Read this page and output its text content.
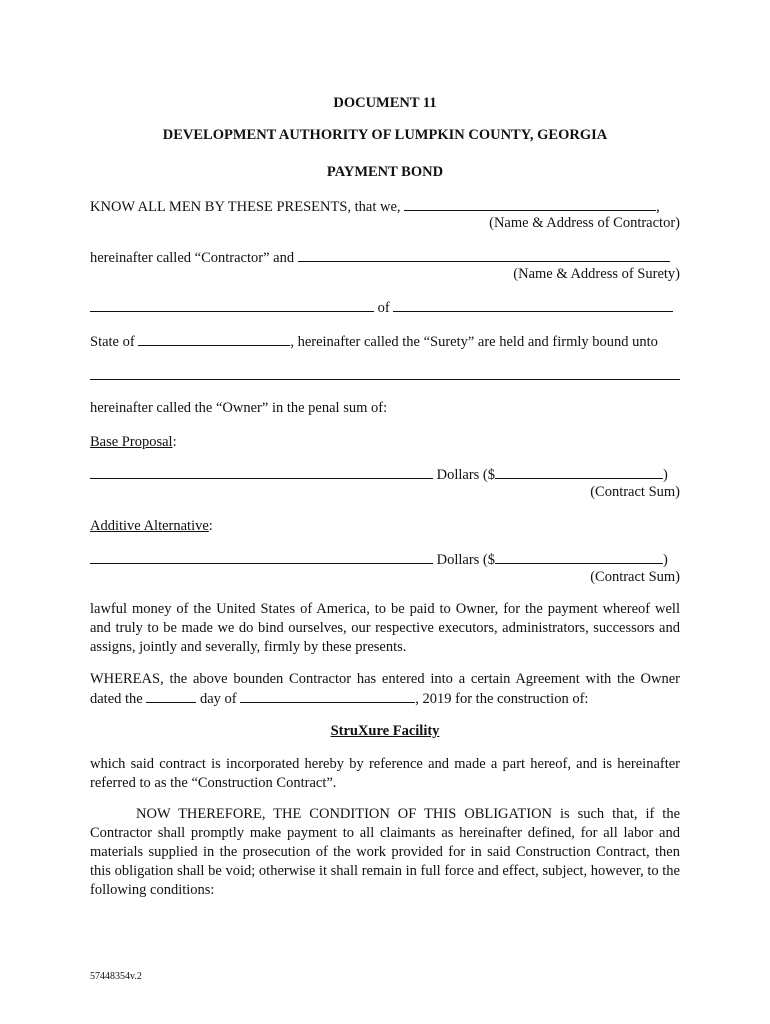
DOCUMENT 11
DEVELOPMENT AUTHORITY OF LUMPKIN COUNTY, GEORGIA
PAYMENT BOND
KNOW ALL MEN BY THESE PRESENTS, that we,	,
(Name & Address of Contractor)
hereinafter called “Contractor” and
(Name & Address of Surety)
of
State of	, hereinafter called the “Surety” are held and firmly bound unto
hereinafter called the “Owner” in the penal sum of:
Base Proposal:
Dollars ($	)
(Contract Sum)
Additive Alternative:
Dollars ($	)
(Contract Sum)
lawful money of the United States of America, to be paid to Owner, for the payment whereof well and truly to be made we do bind ourselves, our respective executors, administrators, successors and assigns, jointly and severally, firmly by these presents.
WHEREAS, the above bounden Contractor has entered into a certain Agreement with the Owner
dated the	day of	, 2019 for the construction of:
StruXure Facility
which said contract is incorporated hereby by reference and made a part hereof, and is hereinafter referred to as the “Construction Contract”.
NOW THEREFORE, THE CONDITION OF THIS OBLIGATION is such that, if the Contractor shall promptly make payment to all claimants as hereinafter defined, for all labor and materials supplied in the prosecution of the work provided for in said Construction Contract, then this obligation shall be void; otherwise it shall remain in full force and effect, subject, however, to the following conditions:
57448354v.2
